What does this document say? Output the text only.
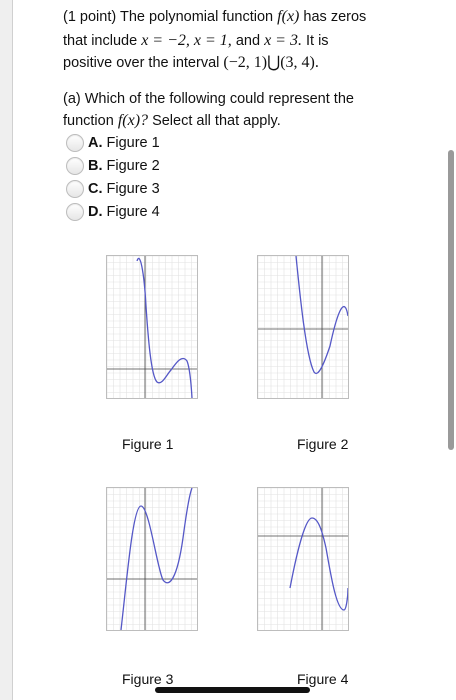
(1 point) The polynomial function f(x) has zeros
that include x = −2, x = 1, and x = 3. It is
positive over the interval (−2, 1)⋃(3, 4).
(a) Which of the following could represent the
function f(x)? Select all that apply.
A. Figure 1
B. Figure 2
C. Figure 3
D. Figure 4
Figure 1	Figure 2
Figure 3	Figure 4
